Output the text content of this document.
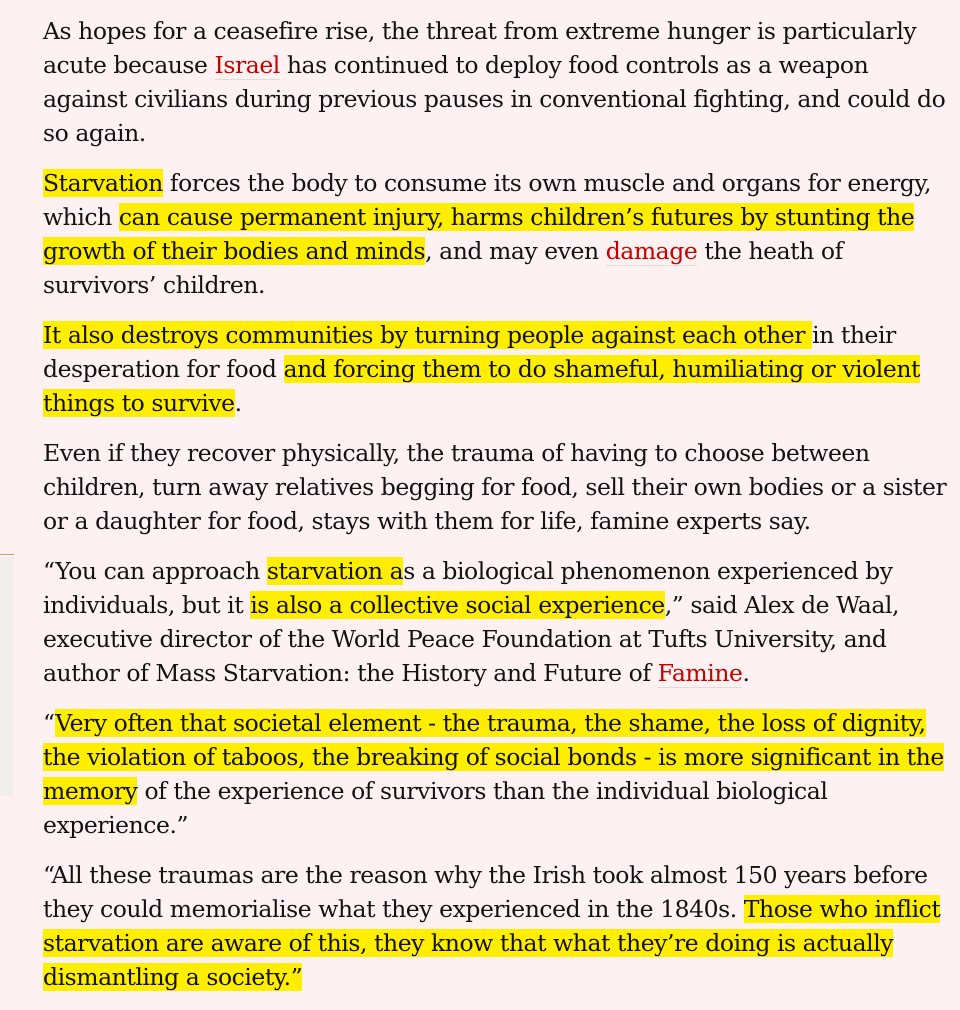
As hopes for a ceasefire rise, the threat from extreme hunger is particularly acute because Israel has continued to deploy food controls as a weapon against civilians during previous pauses in conventional fighting, and could do so again.

Starvation forces the body to consume its own muscle and organs for energy, which can cause permanent injury, harms children’s futures by stunting the growth of their bodies and minds, and may even damage the heath of survivors’ children.

It also destroys communities by turning people against each other in their desperation for food and forcing them to do shameful, humiliating or violent things to survive.

Even if they recover physically, the trauma of having to choose between children, turn away relatives begging for food, sell their own bodies or a sister or a daughter for food, stays with them for life, famine experts say.

“You can approach starvation as a biological phenomenon experienced by individuals, but it is also a collective social experience,” said Alex de Waal, executive director of the World Peace Foundation at Tufts University, and author of Mass Starvation: the History and Future of Famine.

“Very often that societal element - the trauma, the shame, the loss of dignity, the violation of taboos, the breaking of social bonds - is more significant in the memory of the experience of survivors than the individual biological experience.”

“All these traumas are the reason why the Irish took almost 150 years before they could memorialise what they experienced in the 1840s. Those who inflict starvation are aware of this, they know that what they’re doing is actually dismantling a society.”
